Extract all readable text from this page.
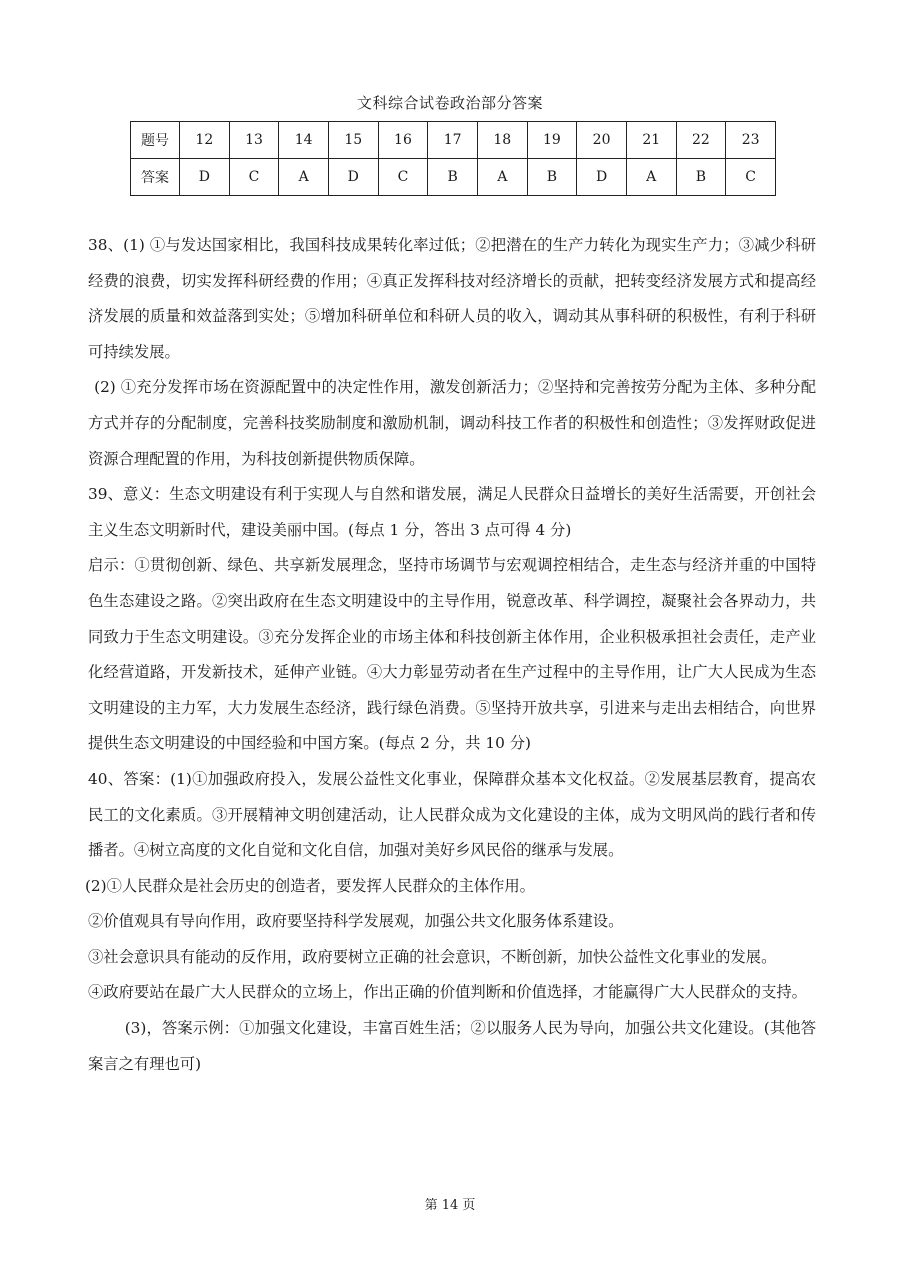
文科综合试卷政治部分答案
题号	12	13	14	15	16	17	18	19	20	21	22	23
答案	D	C	A	D	C	B	A	B	D	A	B	C

38、(1) ①与发达国家相比，我国科技成果转化率过低；②把潜在的生产力转化为现实生产力；③减少科研经费的浪费，切实发挥科研经费的作用；④真正发挥科技对经济增长的贡献，把转变经济发展方式和提高经济发展的质量和效益落到实处；⑤增加科研单位和科研人员的收入，调动其从事科研的积极性，有利于科研可持续发展。

(2) ①充分发挥市场在资源配置中的决定性作用，激发创新活力；②坚持和完善按劳分配为主体、多种分配方式并存的分配制度，完善科技奖励制度和激励机制，调动科技工作者的积极性和创造性；③发挥财政促进资源合理配置的作用，为科技创新提供物质保障。

39、意义：生态文明建设有利于实现人与自然和谐发展，满足人民群众日益增长的美好生活需要，开创社会主义生态文明新时代，建设美丽中国。(每点 1 分，答出 3 点可得 4 分)

启示：①贯彻创新、绿色、共享新发展理念，坚持市场调节与宏观调控相结合，走生态与经济并重的中国特色生态建设之路。②突出政府在生态文明建设中的主导作用，锐意改革、科学调控，凝聚社会各界动力，共同致力于生态文明建设。③充分发挥企业的市场主体和科技创新主体作用，企业积极承担社会责任，走产业化经营道路，开发新技术，延伸产业链。④大力彰显劳动者在生产过程中的主导作用，让广大人民成为生态文明建设的主力军，大力发展生态经济，践行绿色消费。⑤坚持开放共享，引进来与走出去相结合，向世界提供生态文明建设的中国经验和中国方案。(每点 2 分，共 10 分)

40、答案：(1)①加强政府投入，发展公益性文化事业，保障群众基本文化权益。②发展基层教育，提高农民工的文化素质。③开展精神文明创建活动，让人民群众成为文化建设的主体，成为文明风尚的践行者和传播者。④树立高度的文化自觉和文化自信，加强对美好乡风民俗的继承与发展。

(2)①人民群众是社会历史的创造者，要发挥人民群众的主体作用。

②价值观具有导向作用，政府要坚持科学发展观，加强公共文化服务体系建设。

③社会意识具有能动的反作用，政府要树立正确的社会意识，不断创新，加快公益性文化事业的发展。

④政府要站在最广大人民群众的立场上，作出正确的价值判断和价值选择，才能赢得广大人民群众的支持。

(3)，答案示例：①加强文化建设，丰富百姓生活；②以服务人民为导向，加强公共文化建设。(其他答案言之有理也可)

第 14 页
